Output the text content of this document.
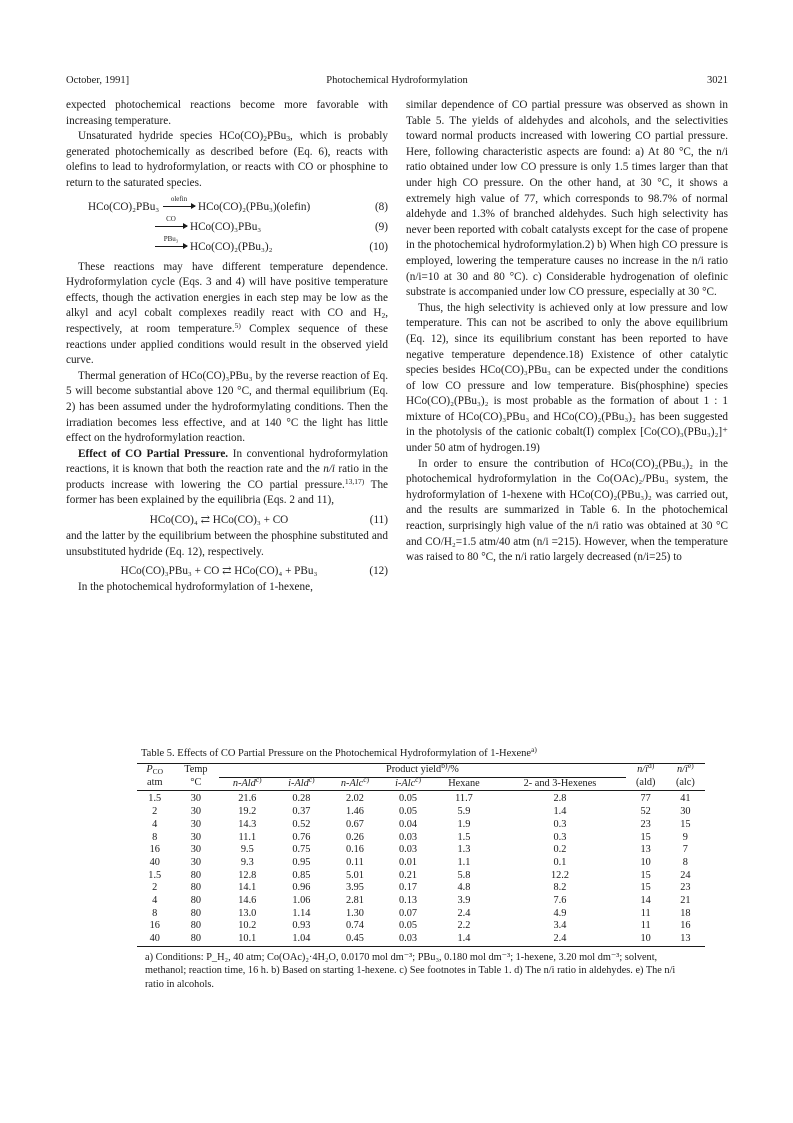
October, 1991]	Photochemical Hydroformylation	3021

expected photochemical reactions become more favorable with increasing temperature.

Unsaturated hydride species $HCo(CO)_2PBu_3$, which is probably generated photochemically as described before (Eq. 6), reacts with olefins to lead to hydroformylation, or reacts with CO or phosphine to return to the saturated species.

HCo(CO)₂PBu₃
olefin
HCo(CO)₂(PBu₃)(olefin)	(8)
CO
HCo(CO)₃PBu₃	(9)
PBu₃
HCo(CO)₂(PBu₃)₂	(10)

These reactions may have different temperature dependence. Hydroformylation cycle (Eqs. 3 and 4) will have positive temperature effects, though the activation energies in each step may be low as the alkyl and acyl cobalt complexes readily react with CO and $H_2$, respectively, at room temperature.$^{5)}$ Complex sequence of these reactions under applied conditions would result in the observed yield curve.

Thermal generation of HCo(CO)₃PBu₃ by the reverse reaction of Eq. 5 will become substantial above 120 °C, and thermal equilibrium (Eq. 2) has been assumed under the hydroformylating conditions. Then the irradiation becomes less effective, and at 140 °C the light has little effect on the hydroformylation reaction.

Effect of CO Partial Pressure. In conventional hydroformylation reactions, it is known that both the reaction rate and the n/i ratio in the products increase with lowering the CO partial pressure.$^{13,17)}$ The former has been explained by the equilibria (Eqs. 2 and 11),

HCo(CO)₄ ⇄ HCo(CO)₃ + CO	(11)

and the latter by the equilibrium between the phosphine substituted and unsubstituted hydride (Eq. 12), respectively.

HCo(CO)₃PBu₃ + CO ⇄ HCo(CO)₄ + PBu₃	(12)

In the photochemical hydroformylation of 1-hexene,

similar dependence of CO partial pressure was observed as shown in Table 5. The yields of aldehydes and alcohols, and the selectivities toward normal products increased with lowering CO partial pressure. Here, following characteristic aspects are found: a) At 80 °C, the n/i ratio obtained under low CO pressure is only 1.5 times larger than that under high CO pressure. On the other hand, at 30 °C, it shows a extremely high value of 77, which corresponds to 98.7% of normal aldehyde and 1.3% of branched aldehydes. Such high selectivity has never been reported with cobalt catalysts except for the case of propene in the photochemical hydroformylation.2) b) When high CO pressure is employed, lowering the temperature causes no increase in the n/i ratio (n/i=10 at 30 and 80 °C). c) Considerable hydrogenation of olefinic substrate is accompanied under low CO pressure, especially at 30 °C.

Thus, the high selectivity is achieved only at low pressure and low temperature. This can not be ascribed to only the above equilibrium (Eq. 12), since its equilibrium constant has been reported to have negative temperature dependence.18) Existence of other catalytic species besides HCo(CO)₃PBu₃ can be expected under the conditions of low CO pressure and low temperature. Bis(phosphine) species HCo(CO)₂(PBu₃)₂ is most probable as the formation of about 1 : 1 mixture of HCo(CO)₃PBu₃ and HCo(CO)₂(PBu₃)₂ has been suggested in the photolysis of the cationic cobalt(I) complex [Co(CO)₃(PBu₃)₂]⁺ under 50 atm of hydrogen.19)

In order to ensure the contribution of HCo(CO)₂(PBu₃)₂ in the photochemical hydroformylation in the Co(OAc)₂/PBu₃ system, the hydroformylation of 1-hexene with HCo(CO)₂(PBu₃)₂ was carried out, and the results are summarized in Table 6. In the photochemical reaction, surprisingly high value of the n/i ratio was obtained at 30 °C and CO/H₂=1.5 atm/40 atm (n/i =215). However, when the temperature was raised to 80 °C, the n/i ratio largely decreased (n/i=25) to

Table 5. Effects of CO Partial Pressure on the Photochemical Hydroformylation of 1-Hexene$^{a)}$
$P_{CO}$	Temp	Product yield$^{b)}$/%						$n/i^{d)}$	$n/i^{e)}$
atm	°C	n-Ald$^{c)}$	i-Ald$^{c)}$	n-Alc$^{c)}$	i-Alc$^{c)}$	Hexane	2- and 3-Hexenes	(ald)	(alc)
1.5	30	21.6	0.28	2.02	0.05	11.7	2.8	77	41
2	30	19.2	0.37	1.46	0.05	5.9	1.4	52	30
4	30	14.3	0.52	0.67	0.04	1.9	0.3	23	15
8	30	11.1	0.76	0.26	0.03	1.5	0.3	15	9
16	30	9.5	0.75	0.16	0.03	1.3	0.2	13	7
40	30	9.3	0.95	0.11	0.01	1.1	0.1	10	8
1.5	80	12.8	0.85	5.01	0.21	5.8	12.2	15	24
2	80	14.1	0.96	3.95	0.17	4.8	8.2	15	23
4	80	14.6	1.06	2.81	0.13	3.9	7.6	14	21
8	80	13.0	1.14	1.30	0.07	2.4	4.9	11	18
16	80	10.2	0.93	0.74	0.05	2.2	3.4	11	16
40	80	10.1	1.04	0.45	0.03	1.4	2.4	10	13
a) Conditions: P_H₂, 40 atm; Co(OAc)₂·4H₂O, 0.0170 mol dm⁻³; PBu₃, 0.180 mol dm⁻³; 1-hexene, 3.20 mol dm⁻³; solvent, methanol; reaction time, 16 h. b) Based on starting 1-hexene. c) See footnotes in Table 1. d) The n/i ratio in aldehydes. e) The n/i ratio in alcohols.
